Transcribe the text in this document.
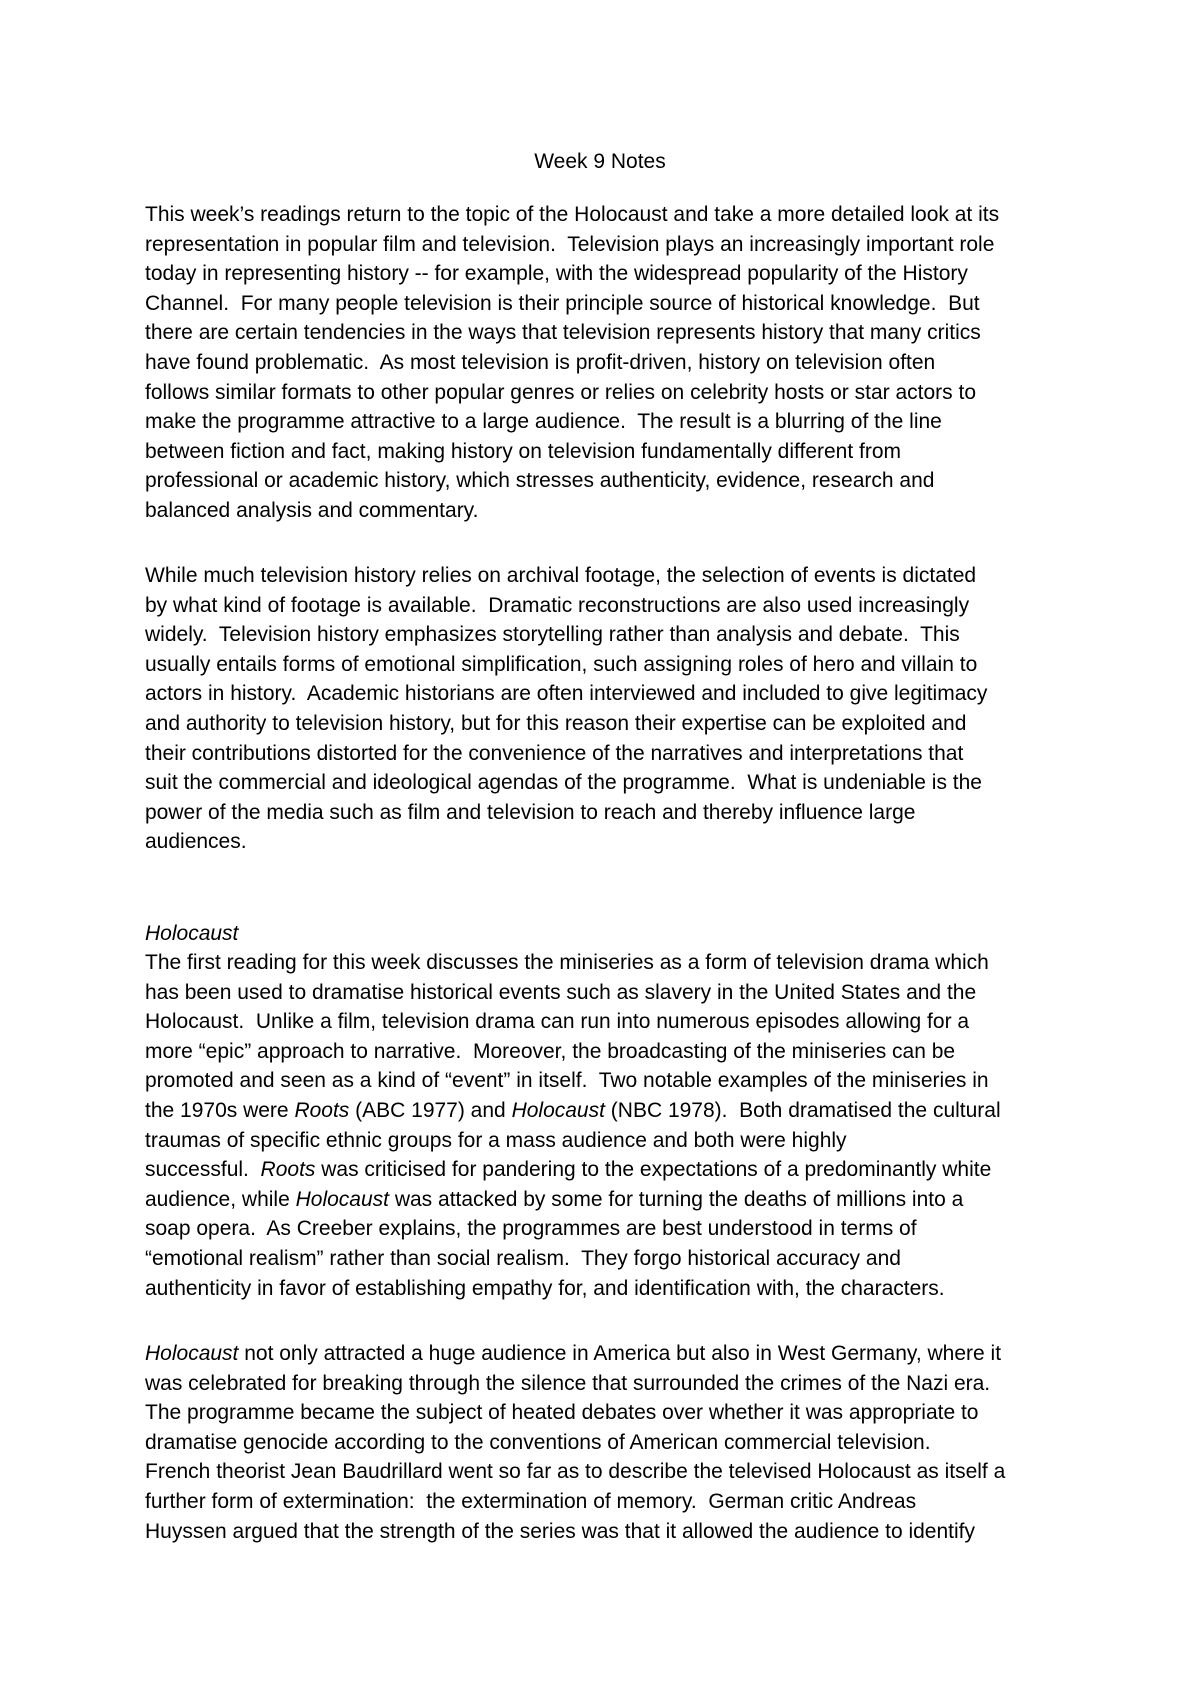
Week 9 Notes
This week’s readings return to the topic of the Holocaust and take a more detailed look at its
representation in popular film and television.  Television plays an increasingly important role
today in representing history -- for example, with the widespread popularity of the History
Channel.  For many people television is their principle source of historical knowledge.  But
there are certain tendencies in the ways that television represents history that many critics
have found problematic.  As most television is profit-driven, history on television often
follows similar formats to other popular genres or relies on celebrity hosts or star actors to
make the programme attractive to a large audience.  The result is a blurring of the line
between fiction and fact, making history on television fundamentally different from
professional or academic history, which stresses authenticity, evidence, research and
balanced analysis and commentary.
While much television history relies on archival footage, the selection of events is dictated
by what kind of footage is available.  Dramatic reconstructions are also used increasingly
widely.  Television history emphasizes storytelling rather than analysis and debate.  This
usually entails forms of emotional simplification, such assigning roles of hero and villain to
actors in history.  Academic historians are often interviewed and included to give legitimacy
and authority to television history, but for this reason their expertise can be exploited and
their contributions distorted for the convenience of the narratives and interpretations that
suit the commercial and ideological agendas of the programme.  What is undeniable is the
power of the media such as film and television to reach and thereby influence large
audiences.
Holocaust
The first reading for this week discusses the miniseries as a form of television drama which
has been used to dramatise historical events such as slavery in the United States and the
Holocaust.  Unlike a film, television drama can run into numerous episodes allowing for a
more “epic” approach to narrative.  Moreover, the broadcasting of the miniseries can be
promoted and seen as a kind of “event” in itself.  Two notable examples of the miniseries in
the 1970s were Roots (ABC 1977) and Holocaust (NBC 1978).  Both dramatised the cultural
traumas of specific ethnic groups for a mass audience and both were highly
successful.  Roots was criticised for pandering to the expectations of a predominantly white
audience, while Holocaust was attacked by some for turning the deaths of millions into a
soap opera.  As Creeber explains, the programmes are best understood in terms of
“emotional realism” rather than social realism.  They forgo historical accuracy and
authenticity in favor of establishing empathy for, and identification with, the characters.
Holocaust not only attracted a huge audience in America but also in West Germany, where it
was celebrated for breaking through the silence that surrounded the crimes of the Nazi era.
The programme became the subject of heated debates over whether it was appropriate to
dramatise genocide according to the conventions of American commercial television.
French theorist Jean Baudrillard went so far as to describe the televised Holocaust as itself a
further form of extermination:  the extermination of memory.  German critic Andreas
Huyssen argued that the strength of the series was that it allowed the audience to identify
